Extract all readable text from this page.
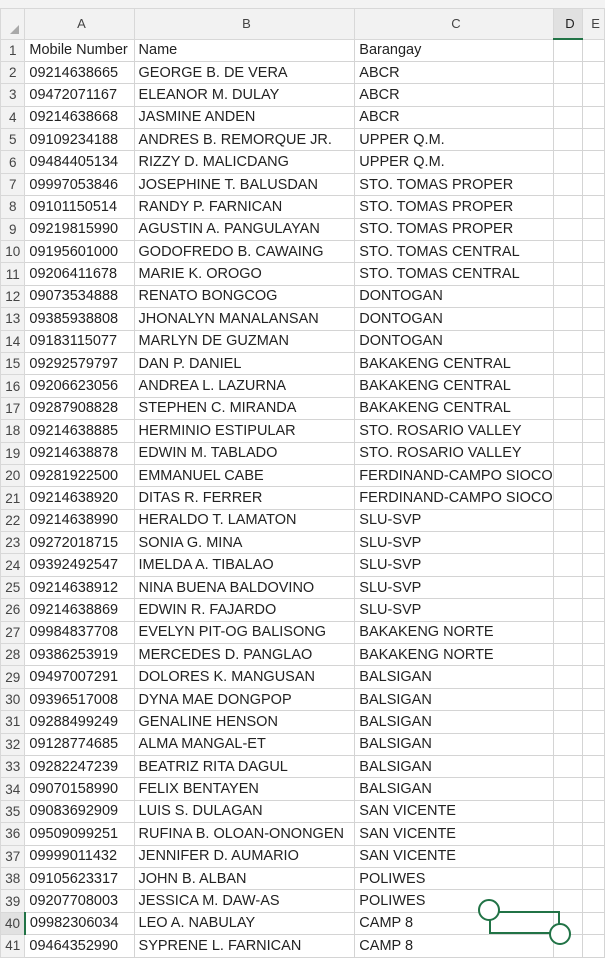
	A	B	C	D	E
1	Mobile Number	Name	Barangay		
2	09214638665	GEORGE B. DE VERA	ABCR		
3	09472071167	ELEANOR M. DULAY	ABCR		
4	09214638668	JASMINE ANDEN	ABCR		
5	09109234188	ANDRES B. REMORQUE JR.	UPPER Q.M.		
6	09484405134	RIZZY D. MALICDANG	UPPER Q.M.		
7	09997053846	JOSEPHINE T. BALUSDAN	STO. TOMAS PROPER		
8	09101150514	RANDY P. FARNICAN	STO. TOMAS PROPER		
9	09219815990	AGUSTIN A. PANGULAYAN	STO. TOMAS PROPER		
10	09195601000	GODOFREDO B. CAWAING	STO. TOMAS CENTRAL		
11	09206411678	MARIE K. OROGO	STO. TOMAS CENTRAL		
12	09073534888	RENATO BONGCOG	DONTOGAN		
13	09385938808	JHONALYN MANALANSAN	DONTOGAN		
14	09183115077	MARLYN DE GUZMAN	DONTOGAN		
15	09292579797	DAN P. DANIEL	BAKAKENG CENTRAL		
16	09206623056	ANDREA L. LAZURNA	BAKAKENG CENTRAL		
17	09287908828	STEPHEN C. MIRANDA	BAKAKENG CENTRAL		
18	09214638885	HERMINIO ESTIPULAR	STO. ROSARIO VALLEY		
19	09214638878	EDWIN M. TABLADO	STO. ROSARIO VALLEY		
20	09281922500	EMMANUEL CABE	FERDINAND-CAMPO SIOCO		
21	09214638920	DITAS R. FERRER	FERDINAND-CAMPO SIOCO		
22	09214638990	HERALDO T. LAMATON	SLU-SVP		
23	09272018715	SONIA G. MINA	SLU-SVP		
24	09392492547	IMELDA A. TIBALAO	SLU-SVP		
25	09214638912	NINA BUENA BALDOVINO	SLU-SVP		
26	09214638869	EDWIN R. FAJARDO	SLU-SVP		
27	09984837708	EVELYN PIT-OG BALISONG	BAKAKENG NORTE		
28	09386253919	MERCEDES D. PANGLAO	BAKAKENG NORTE		
29	09497007291	DOLORES K. MANGUSAN	BALSIGAN		
30	09396517008	DYNA MAE DONGPOP	BALSIGAN		
31	09288499249	GENALINE HENSON	BALSIGAN		
32	09128774685	ALMA MANGAL-ET	BALSIGAN		
33	09282247239	BEATRIZ RITA DAGUL	BALSIGAN		
34	09070158990	FELIX BENTAYEN	BALSIGAN		
35	09083692909	LUIS S. DULAGAN	SAN VICENTE		
36	09509099251	RUFINA B. OLOAN-ONONGEN	SAN VICENTE		
37	09999011432	JENNIFER D. AUMARIO	SAN VICENTE		
38	09105623317	JOHN B. ALBAN	POLIWES		
39	09207708003	JESSICA M. DAW-AS	POLIWES		
40	09982306034	LEO A. NABULAY	CAMP 8		
41	09464352990	SYPRENE L. FARNICAN	CAMP 8		
